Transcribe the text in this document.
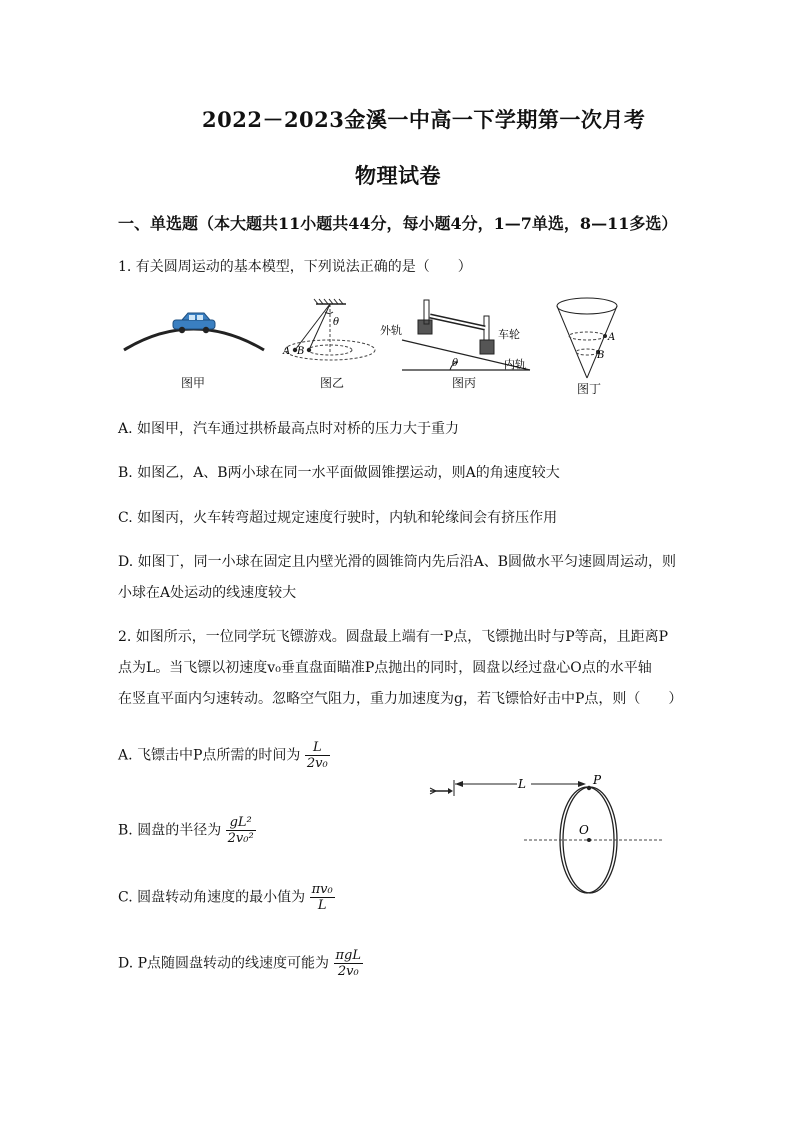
2022－2023金溪一中高一下学期第一次月考
物理试卷
一、单选题（本大题共11小题共44分，每小题4分，1—7单选，8—11多选）
1. 有关圆周运动的基本模型，下列说法正确的是（　　）
图甲
θ
A B
图乙
外轨	车轮
内轨
θ
图丙
A
B
图丁
A. 如图甲，汽车通过拱桥最高点时对桥的压力大于重力
B. 如图乙，A、B两小球在同一水平面做圆锥摆运动，则A的角速度较大
C. 如图丙，火车转弯超过规定速度行驶时，内轨和轮缘间会有挤压作用
D. 如图丁，同一小球在固定且内壁光滑的圆锥筒内先后沿A、B圆做水平匀速圆周运动，则
小球在A处运动的线速度较大
2. 如图所示，一位同学玩飞镖游戏。圆盘最上端有一P点，飞镖抛出时与P等高，且距离P
点为L。当飞镖以初速度v₀垂直盘面瞄准P点抛出的同时，圆盘以经过盘心O点的水平轴
在竖直平面内匀速转动。忽略空气阻力，重力加速度为g，若飞镖恰好击中P点，则（　　）
A. 飞镖击中P点所需的时间为 $\frac{L}{\text{2v₀}}$
B. 圆盘的半径为 $\frac{\text{gL²}}{\text{2v₀²}}$
C. 圆盘转动角速度的最小值为 $\frac{\text{πv₀}}{L}$
D. P点随圆盘转动的线速度可能为 $\frac{\text{πgL}}{\text{2v₀}}$
L	P
O
